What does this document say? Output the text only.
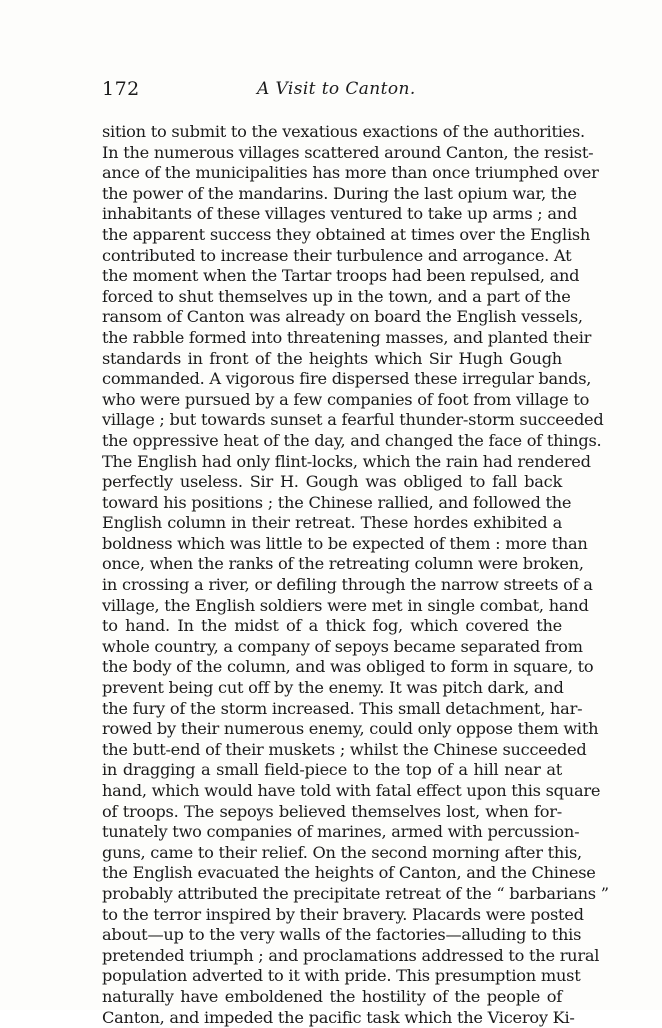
172	A Visit to Canton.
sition to submit to the vexatious exactions of the authorities.
In the numerous villages scattered around Canton, the resist-
ance of the municipalities has more than once triumphed over
the power of the mandarins. During the last opium war, the
inhabitants of these villages ventured to take up arms ; and
the apparent success they obtained at times over the English
contributed to increase their turbulence and arrogance. At
the moment when the Tartar troops had been repulsed, and
forced to shut themselves up in the town, and a part of the
ransom of Canton was already on board the English vessels,
the rabble formed into threatening masses, and planted their
standards in front of the heights which Sir Hugh Gough
commanded. A vigorous fire dispersed these irregular bands,
who were pursued by a few companies of foot from village to
village ; but towards sunset a fearful thunder-storm succeeded
the oppressive heat of the day, and changed the face of things.
The English had only flint-locks, which the rain had rendered
perfectly useless. Sir H. Gough was obliged to fall back
toward his positions ; the Chinese rallied, and followed the
English column in their retreat. These hordes exhibited a
boldness which was little to be expected of them : more than
once, when the ranks of the retreating column were broken,
in crossing a river, or defiling through the narrow streets of a
village, the English soldiers were met in single combat, hand
to hand. In the midst of a thick fog, which covered the
whole country, a company of sepoys became separated from
the body of the column, and was obliged to form in square, to
prevent being cut off by the enemy. It was pitch dark, and
the fury of the storm increased. This small detachment, har-
rowed by their numerous enemy, could only oppose them with
the butt-end of their muskets ; whilst the Chinese succeeded
in dragging a small field-piece to the top of a hill near at
hand, which would have told with fatal effect upon this square
of troops. The sepoys believed themselves lost, when for-
tunately two companies of marines, armed with percussion-
guns, came to their relief. On the second morning after this,
the English evacuated the heights of Canton, and the Chinese
probably attributed the precipitate retreat of the “ barbarians ”
to the terror inspired by their bravery. Placards were posted
about—up to the very walls of the factories—alluding to this
pretended triumph ; and proclamations addressed to the rural
population adverted to it with pride. This presumption must
naturally have emboldened the hostility of the people of
Canton, and impeded the pacific task which the Viceroy Ki-
